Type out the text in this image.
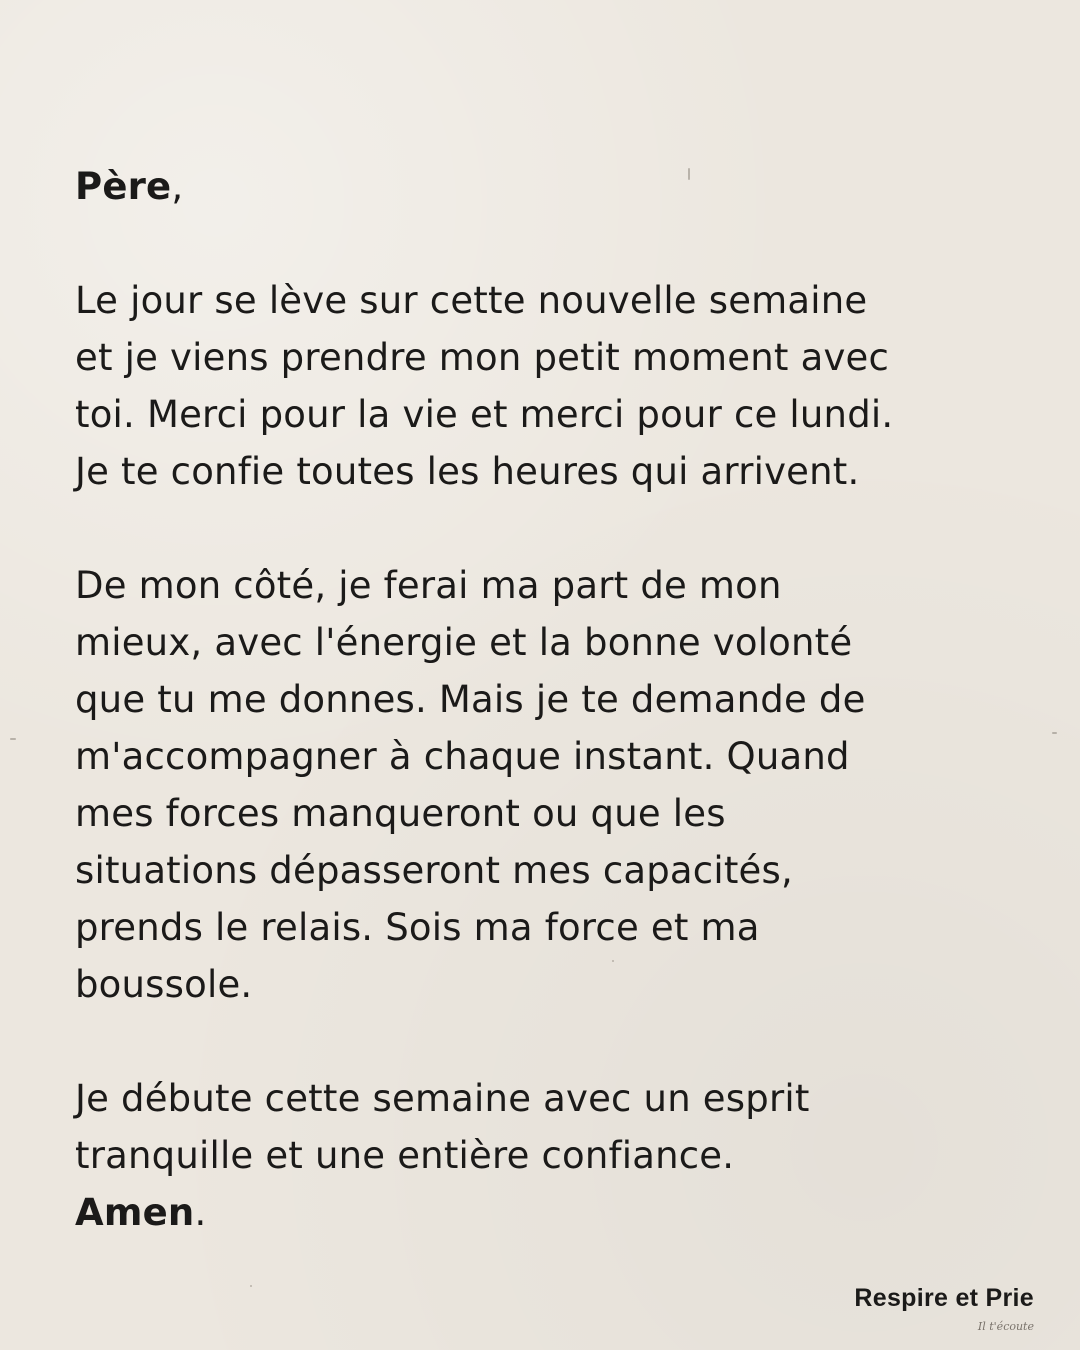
Père,
Le jour se lève sur cette nouvelle semaine
et je viens prendre mon petit moment avec
toi. Merci pour la vie et merci pour ce lundi.
Je te confie toutes les heures qui arrivent.
De mon côté, je ferai ma part de mon
mieux, avec l'énergie et la bonne volonté
que tu me donnes. Mais je te demande de
m'accompagner à chaque instant. Quand
mes forces manqueront ou que les
situations dépasseront mes capacités,
prends le relais. Sois ma force et ma
boussole.
Je débute cette semaine avec un esprit
tranquille et une entière confiance.
Amen.
Respire et Prie
Il t'écoute
